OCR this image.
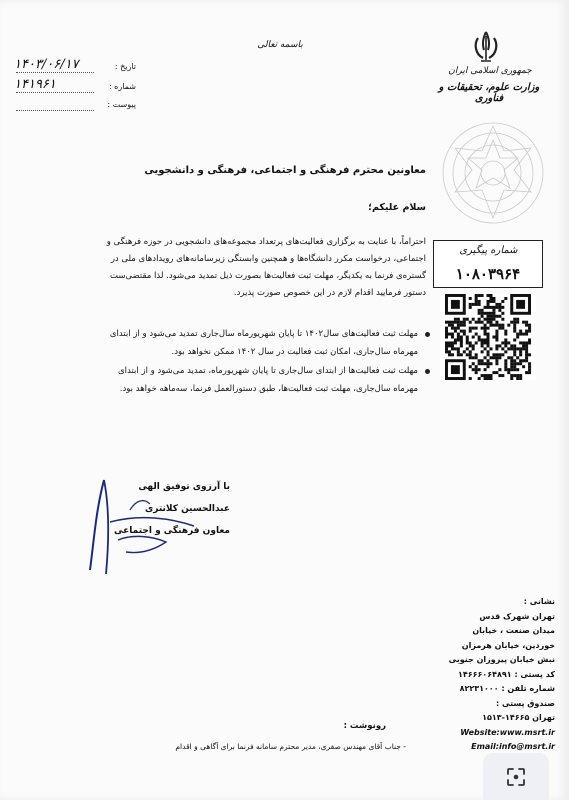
جمهوری اسلامی ایران
وزارت علوم، تحقیقات و فناوری
باسمه تعالی
تاریخ :
۱۴۰۳/۰۶/۱۷
شماره :
۱۴۱۹۶۱
پیوست :
معاونین محترم فرهنگی و اجتماعی، فرهنگی و دانشجویی
سلام علیکم؛
احتراماً، با عنایت به برگزاری فعالیت‌های پرتعداد مجموعه‌های دانشجویی در حوزه فرهنگی و
اجتماعی، درخواست مکرر دانشگاه‌ها و همچنین وابستگی زیرسامانه‌های رویدادهای ملی در
گستره‌ی فرنما به یکدیگر، مهلت ثبت فعالیت‌ها بصورت ذیل تمدید می‌شود. لذا مقتضی‌ست
دستور فرمایید اقدام لازم در این خصوص صورت پذیرد.
مهلت ثبت فعالیت‌های سال۱۴۰۲ تا پایان شهریورماه سال‌جاری تمدید می‌شود و از ابتدای
مهرماه سال‌جاری، امکان ثبت فعالیت در سال ۱۴۰۲ ممکن نخواهد بود.
مهلت ثبت فعالیت‌ها از ابتدای سال‌جاری تا پایان شهریورماه، تمدید می‌شود و از ابتدای
مهرماه سال‌جاری، مهلت ثبت فعالیت‌ها، طبق دستورالعمل فرنما، سه‌ماهه خواهد بود.
شماره پیگیری
۱۰۸۰۳۹۶۴
با آرزوی توفیق الهی
عبدالحسین کلانتری
معاون فرهنگی و اجتماعی
نشانی :
تهران شهرک قدس
میدان صنعت ، خیابان
خوردین، خیابان هرمزان
نبش خیابان پیروزان جنوبی
کد پستی : ۱۴۶۶۶۰۶۴۸۹۱
شماره تلفن : ۸۲۲۳۱۰۰۰
صندوق پستی :
تهران ۱۴۶۶۵-۱۵۱۳
Website:www.msrt.ir
Email:info@msrt.ir
رونوشت :
- جناب آقای مهندس صفری، مدیر محترم سامانه فرنما برای آگاهی و اقدام
